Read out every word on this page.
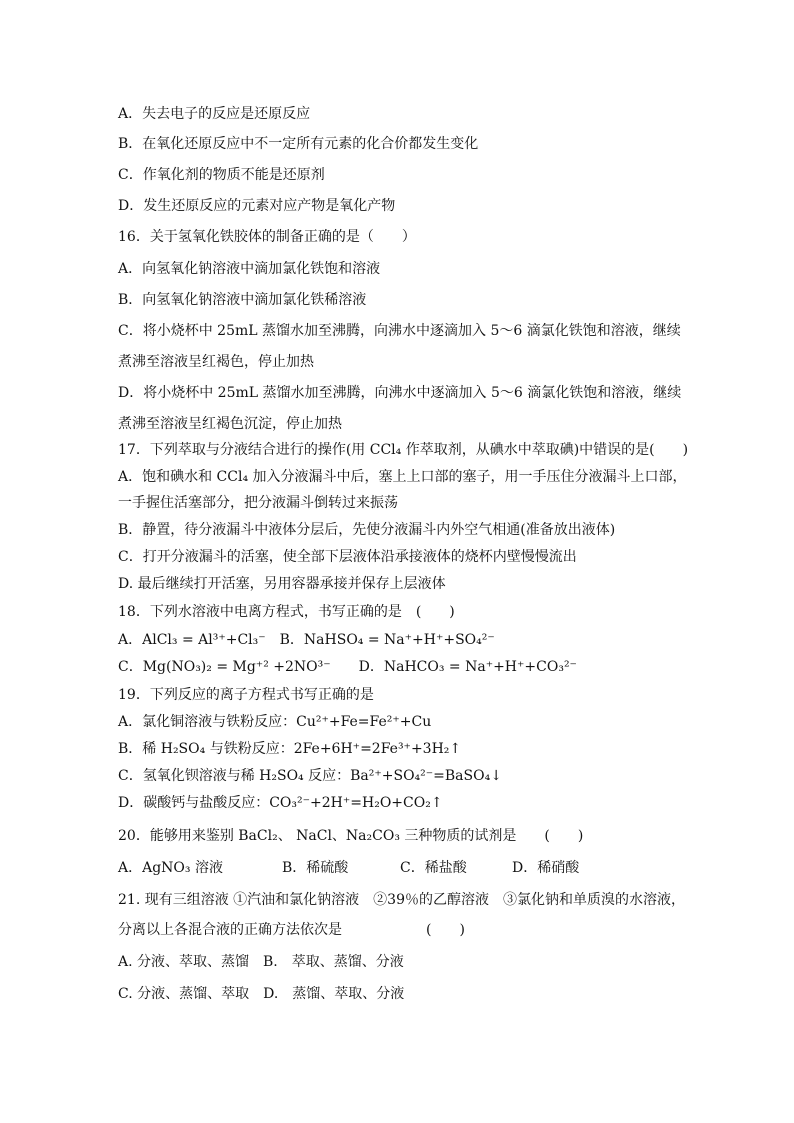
A．失去电子的反应是还原反应
B．在氧化还原反应中不一定所有元素的化合价都发生变化
C．作氧化剂的物质不能是还原剂
D．发生还原反应的元素对应产物是氧化产物
16．关于氢氧化铁胶体的制备正确的是（　　）
A．向氢氧化钠溶液中滴加氯化铁饱和溶液
B．向氢氧化钠溶液中滴加氯化铁稀溶液
C．将小烧杯中 25mL 蒸馏水加至沸腾，向沸水中逐滴加入 5～6 滴氯化铁饱和溶液，继续
煮沸至溶液呈红褐色，停止加热
D．将小烧杯中 25mL 蒸馏水加至沸腾，向沸水中逐滴加入 5～6 滴氯化铁饱和溶液，继续
煮沸至溶液呈红褐色沉淀，停止加热
17．下列萃取与分液结合进行的操作(用 CCl₄ 作萃取剂，从碘水中萃取碘)中错误的是(　　)
A．饱和碘水和 CCl₄ 加入分液漏斗中后，塞上上口部的塞子，用一手压住分液漏斗上口部，
一手握住活塞部分，把分液漏斗倒转过来振荡
B．静置，待分液漏斗中液体分层后，先使分液漏斗内外空气相通(准备放出液体)
C．打开分液漏斗的活塞，使全部下层液体沿承接液体的烧杯内壁慢慢流出
D. 最后继续打开活塞，另用容器承接并保存上层液体
18．下列水溶液中电离方程式，书写正确的是　(　　)
A．AlCl₃ = Al³⁺+Cl₃⁻　B．NaHSO₄ = Na⁺+H⁺+SO₄²⁻
C．Mg(NO₃)₂ = Mg⁺² +2NO³⁻　　D．NaHCO₃ = Na⁺+H⁺+CO₃²⁻
19．下列反应的离子方程式书写正确的是
A．氯化铜溶液与铁粉反应：Cu²⁺+Fe=Fe²⁺+Cu
B．稀 H₂SO₄ 与铁粉反应：2Fe+6H⁺=2Fe³⁺+3H₂↑
C．氢氧化钡溶液与稀 H₂SO₄ 反应：Ba²⁺+SO₄²⁻=BaSO₄↓
D．碳酸钙与盐酸反应：CO₃²⁻+2H⁺=H₂O+CO₂↑
20．能够用来鉴别 BaCl₂、 NaCl、Na₂CO₃ 三种物质的试剂是　　(　　)
A．AgNO₃ 溶液	B．稀硫酸	C．稀盐酸	D．稀硝酸
21. 现有三组溶液 ①汽油和氯化钠溶液　②39％的乙醇溶液　③氯化钠和单质溴的水溶液，
分离以上各混合液的正确方法依次是　　　　　　(　　)
A. 分液、萃取、蒸馏　B.　萃取、蒸馏、分液
C. 分液、蒸馏、萃取　D.　蒸馏、萃取、分液
